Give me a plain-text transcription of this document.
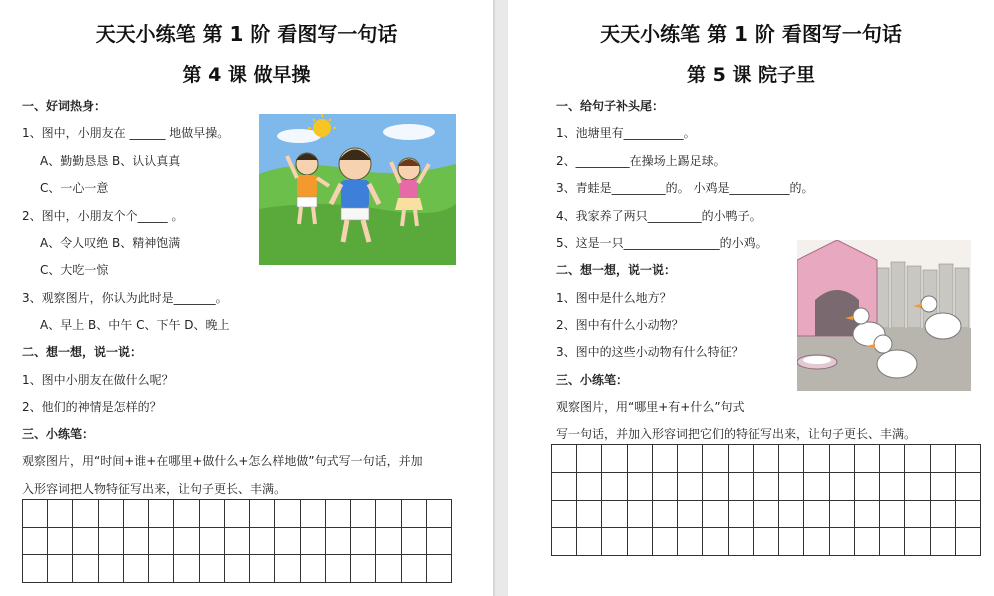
天天小练笔 第 1 阶 看图写一句话
第 4 课 做早操
一、好词热身：
1、图中，小朋友在 ______ 地做早操。
A、勤勤恳恳 B、认认真真
C、一心一意
2、图中，小朋友个个_____ 。
A、令人叹绝 B、精神饱满
C、大吃一惊
3、观察图片，你认为此时是_______。
A、早上 B、中午 C、下午 D、晚上
二、想一想，说一说：
1、图中小朋友在做什么呢？
2、他们的神情是怎样的？
三、小练笔：
观察图片，用“时间+谁+在哪里+做什么+怎么样地做”句式写一句话，并加
入形容词把人物特征写出来，让句子更长、丰满。

天天小练笔 第 1 阶 看图写一句话
第 5 课 院子里
一、给句子补头尾：
1、池塘里有__________。
2、_________在操场上踢足球。
3、青蛙是_________的。 小鸡是__________的。
4、我家养了两只_________的小鸭子。
5、这是一只________________的小鸡。
二、想一想，说一说：
1、图中是什么地方？
2、图中有什么小动物？
3、图中的这些小动物有什么特征？
三、小练笔：
观察图片，用“哪里+有+什么”句式
写一句话，并加入形容词把它们的特征写出来，让句子更长、丰满。
